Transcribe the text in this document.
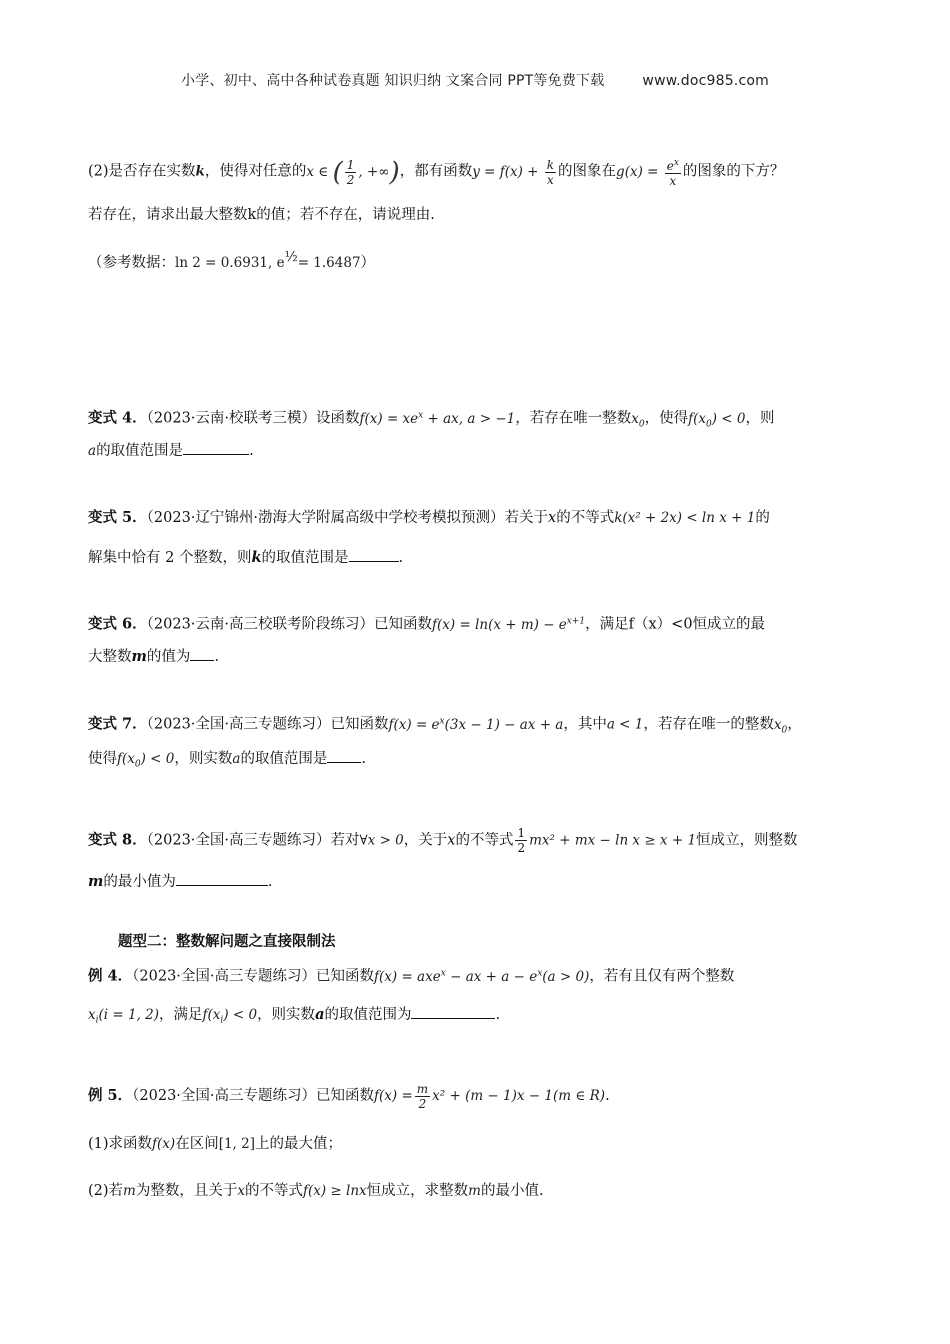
小学、初中、高中各种试卷真题 知识归纳 文案合同 PPT等免费下载	www.doc985.com
(2)是否存在实数k，使得对任意的x ∈ ( $\frac{1}{2}$ , +∞)，都有函数$y = f(x) + \frac{k}{x}$ 的图象在$g(x) = \frac{e^x}{x}$ 的图象的下方？
若存在，请求出最大整数k的值；若不存在，请说理由.
（参考数据：ln 2 = 0.6931, $e^{\frac{1}{2}}= 1.6487$）
变式 4．（2023·云南·校联考三模）设函数$f(x) = xe^x$ + ax, a > −1，若存在唯一整数$x_0$，使得$f(x_0) < 0$，则
a的取值范围是	.
变式 5．（2023·辽宁锦州·渤海大学附属高级中学校考模拟预测）若关于x的不等式k(x² + 2x) < ln x + 1的
解集中恰有 2 个整数，则k的取值范围是	.
变式 6．（2023·云南·高三校联考阶段练习）已知函数$f(x) = \ln(x + m) - e^{x+1}$，满足f（x）<0恒成立的最
大整数m的值为 .
变式 7．（2023·全国·高三专题练习）已知函数$f(x) = e^x(3x - 1)$ − ax + a，其中a < 1，若存在唯一的整数$x_0$，
使得$f(x_0) < 0$，则实数a的取值范围是 .
变式 8．（2023·全国·高三专题练习）若对∀x > 0，关于x的不等式 $\frac{1}{2} mx^2$ + mx − ln x ≥ x + 1恒成立，则整数
m的最小值为	.
题型二：整数解问题之直接限制法
例 4．（2023·全国·高三专题练习）已知函数f(x) = axe$^x$ − ax + $a - e^x(a > 0)$，若有且仅有两个整数
$x_i(i = 1$, 2)，满足$f(x_i) < 0$，则实数a的取值范围为	.
例 5．（2023·全国·高三专题练习）已知函数$f(x) = \frac{m}{2} x^2 + (m - 1)x - 1(m$ ∈ R).
(1)求函数f(x)在区间[1, 2]上的最大值；
(2)若m为整数，且关于x的不等式f(x) ≥ lnx恒成立，求整数m的最小值.
